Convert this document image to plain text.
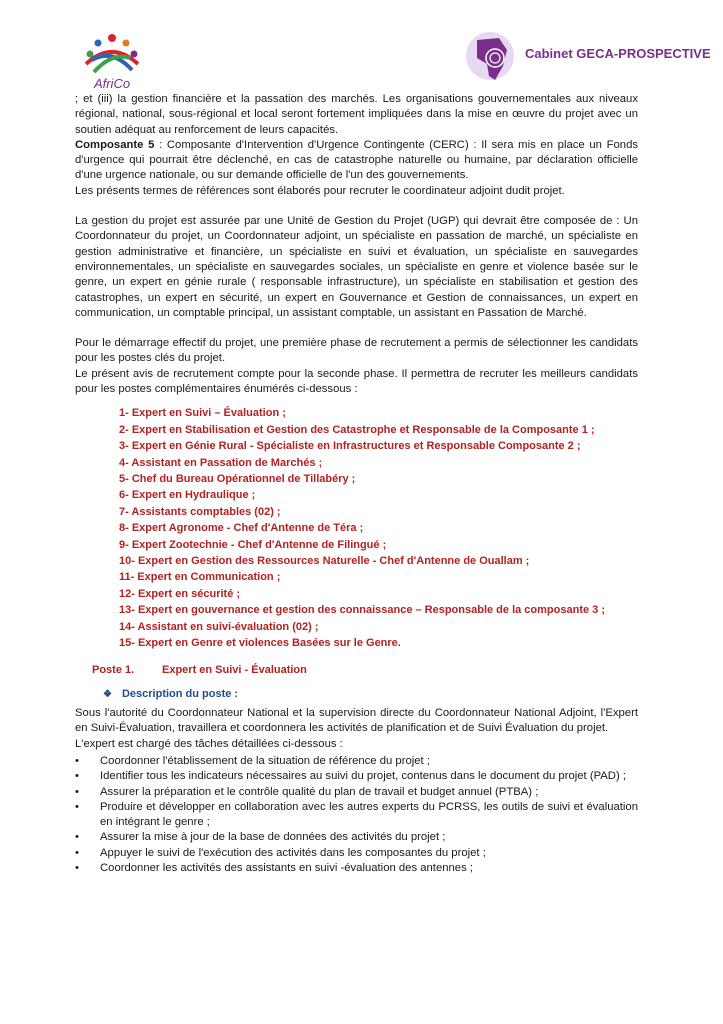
AfriCo
Cabinet GECA-PROSPECTIVE

; et (iii) la gestion financière et la passation des marchés. Les organisations gouvernementales aux niveaux régional, national, sous-régional et local seront fortement impliquées dans la mise en œuvre du projet avec un soutien adéquat au renforcement de leurs capacités.

Composante 5 : Composante d'Intervention d'Urgence Contingente (CERC) : Il sera mis en place un Fonds d'urgence qui pourrait être déclenché, en cas de catastrophe naturelle ou humaine, par déclaration officielle d'une urgence nationale, ou sur demande officielle de l'un des gouvernements.

Les présents termes de références sont élaborés pour recruter le coordinateur adjoint dudit projet.

La gestion du projet est assurée par une Unité de Gestion du Projet (UGP) qui devrait être composée de : Un Coordonnateur du projet, un Coordonnateur adjoint, un spécialiste en passation de marché, un spécialiste en gestion administrative et financière, un spécialiste en suivi et évaluation, un spécialiste en sauvegardes environnementales, un spécialiste en sauvegardes sociales, un spécialiste en genre et violence basée sur le genre, un expert en génie rurale ( responsable infrastructure), un spécialiste en stabilisation et gestion des catastrophes, un expert en sécurité, un expert en Gouvernance et Gestion de connaissances, un expert en communication, un comptable principal, un assistant comptable, un assistant en Passation de Marché.

Pour le démarrage effectif du projet, une première phase de recrutement a permis de sélectionner les candidats pour les postes clés du projet.

Le présent avis de recrutement compte pour la seconde phase. Il permettra de recruter les meilleurs candidats pour les postes complémentaires énumérés ci-dessous :

1- Expert en Suivi – Évaluation ;
2- Expert en Stabilisation et Gestion des Catastrophe et Responsable de la Composante 1 ;
3- Expert en Génie Rural - Spécialiste en Infrastructures et Responsable Composante 2 ;
4- Assistant en Passation de Marchés ;
5- Chef du Bureau Opérationnel de Tillabéry ;
6- Expert en Hydraulique ;
7- Assistants comptables (02) ;
8- Expert Agronome - Chef d'Antenne de Téra ;
9- Expert Zootechnie - Chef d'Antenne de Filingué ;
10- Expert en Gestion des Ressources Naturelle - Chef d'Antenne de Ouallam ;
11- Expert en Communication ;
12- Expert en sécurité ;
13- Expert en gouvernance et gestion des connaissance – Responsable de la composante 3 ;
14- Assistant en suivi-évaluation (02) ;
15- Expert en Genre et violences Basées sur le Genre.
Poste 1.	Expert en Suivi - Évaluation
❖ Description du poste :

Sous l'autorité du Coordonnateur National et la supervision directe du Coordonnateur National Adjoint, l'Expert en Suivi-Évaluation, travaillera et coordonnera les activités de planification et de Suivi Évaluation du projet.

L'expert est chargé des tâches détaillées ci-dessous :

• Coordonner l'établissement de la situation de référence du projet ;
• Identifier tous les indicateurs nécessaires au suivi du projet, contenus dans le document du projet (PAD) ;
• Assurer la préparation et le contrôle qualité du plan de travail et budget annuel (PTBA) ;
• Produire et développer en collaboration avec les autres experts du PCRSS, les outils de suivi et évaluation en intégrant le genre ;
• Assurer la mise à jour de la base de données des activités du projet ;
• Appuyer le suivi de l'exécution des activités dans les composantes du projet ;
• Coordonner les activités des assistants en suivi -évaluation des antennes ;
